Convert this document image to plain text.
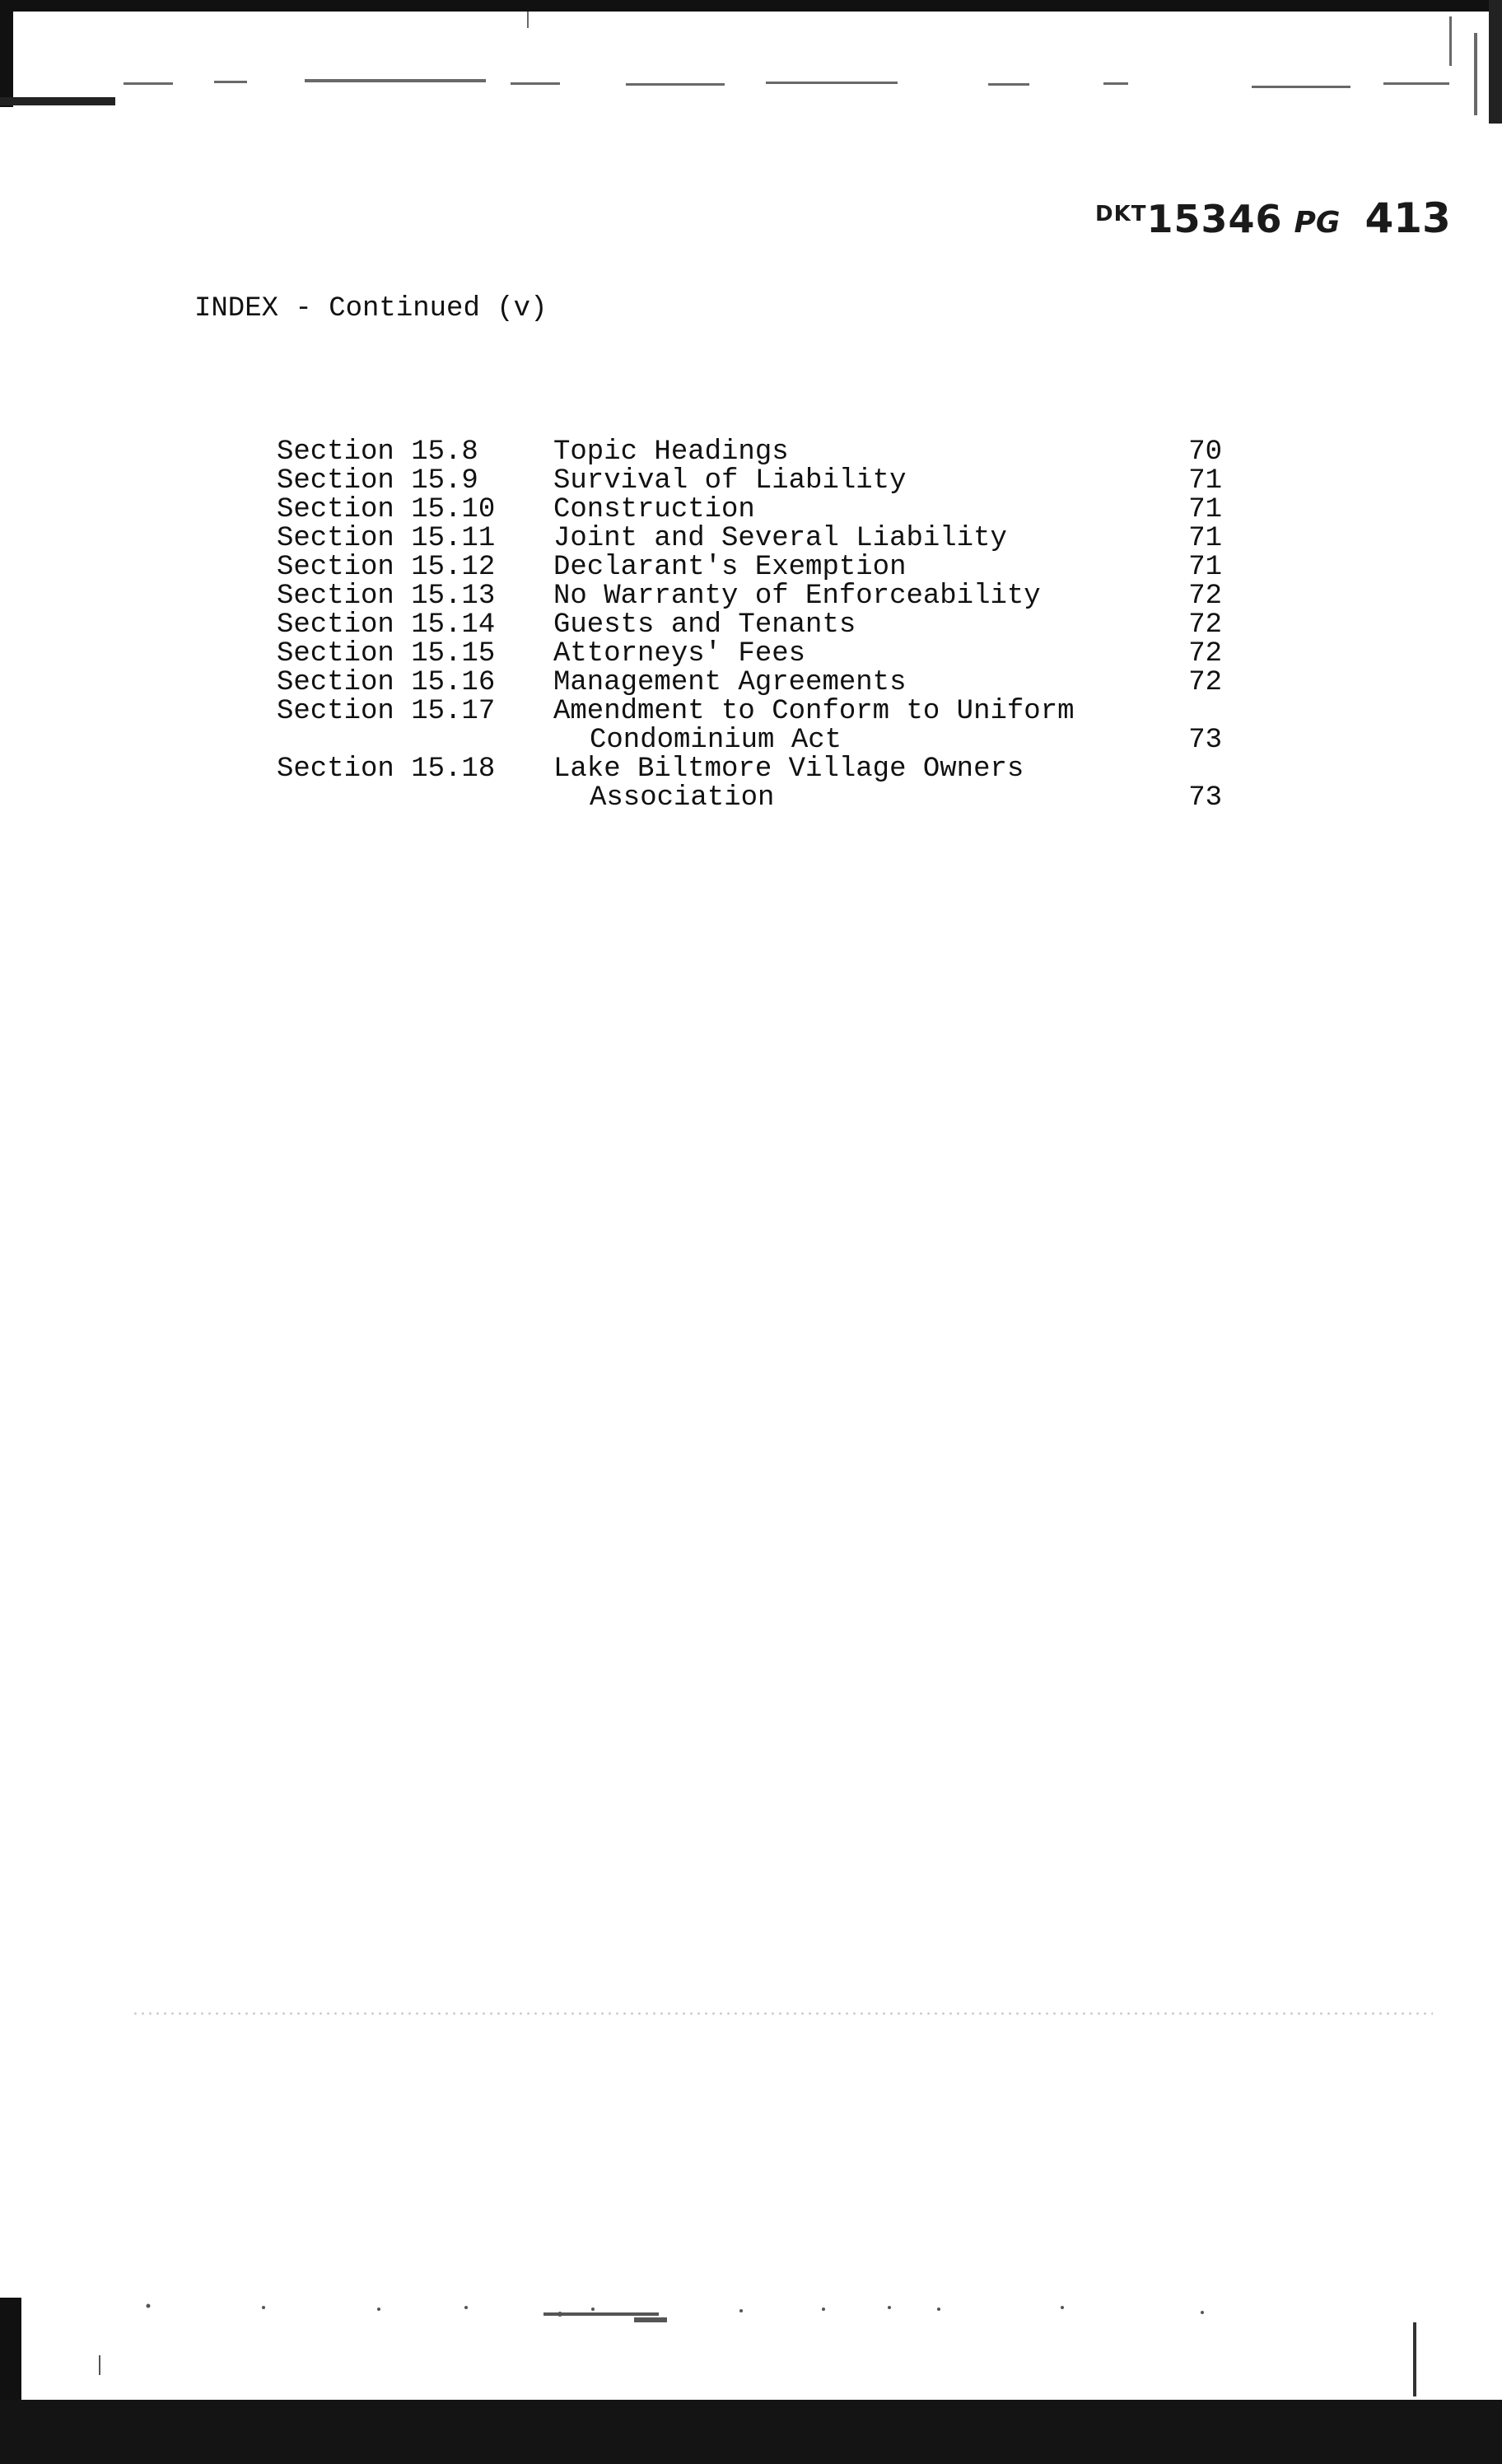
DKT15346 PG 413
INDEX - Continued (v)
Section 15.8	Topic Headings	70
Section 15.9	Survival of Liability	71
Section 15.10 Construction	71
Section 15.11 Joint and Several Liability	71
Section 15.12 Declarant's Exemption	71
Section 15.13 No Warranty of Enforceability	72
Section 15.14 Guests and Tenants	72
Section 15.15 Attorneys' Fees	72
Section 15.16 Management Agreements	72
Section 15.17 Amendment to Conform to Uniform
Condominium Act	73
Section 15.18 Lake Biltmore Village Owners
Association	73
